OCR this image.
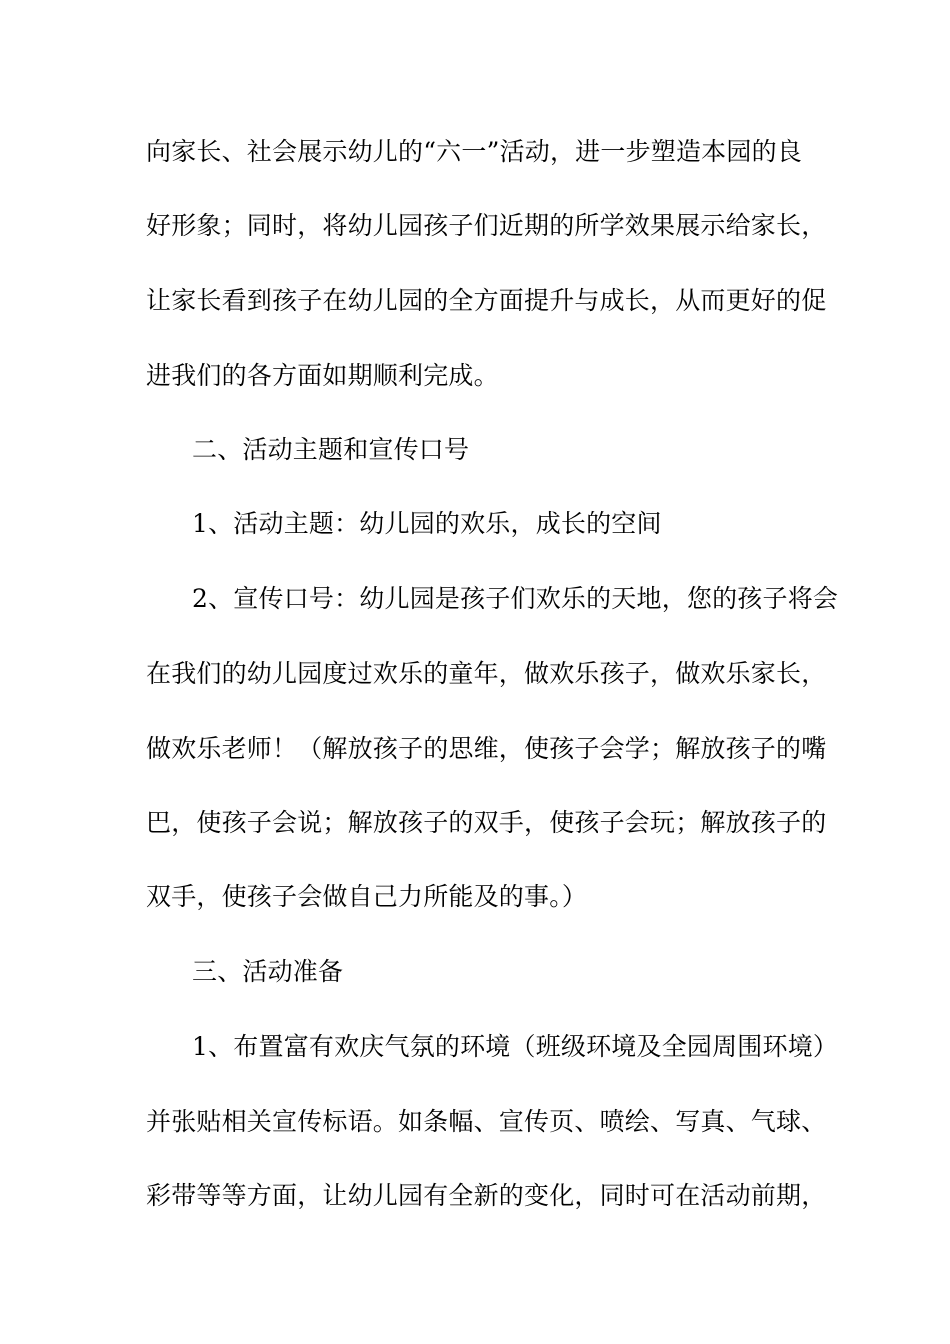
向家长、社会展示幼儿的“六一”活动，进一步塑造本园的良
好形象；同时，将幼儿园孩子们近期的所学效果展示给家长，
让家长看到孩子在幼儿园的全方面提升与成长，从而更好的促
进我们的各方面如期顺利完成。
二、活动主题和宣传口号
1、活动主题：幼儿园的欢乐，成长的空间
2、宣传口号：幼儿园是孩子们欢乐的天地，您的孩子将会
在我们的幼儿园度过欢乐的童年，做欢乐孩子，做欢乐家长，
做欢乐老师！（解放孩子的思维，使孩子会学；解放孩子的嘴
巴，使孩子会说；解放孩子的双手，使孩子会玩；解放孩子的
双手，使孩子会做自己力所能及的事。）
三、活动准备
1、布置富有欢庆气氛的环境（班级环境及全园周围环境）
并张贴相关宣传标语。如条幅、宣传页、喷绘、写真、气球、
彩带等等方面，让幼儿园有全新的变化，同时可在活动前期，
